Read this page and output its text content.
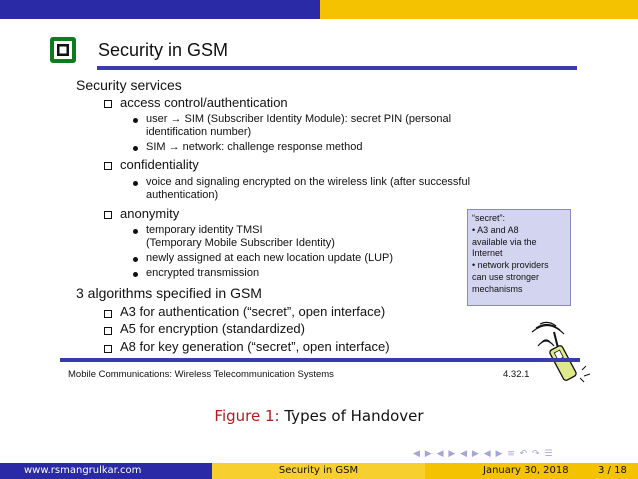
Security in GSM
Security services
access control/authentication
user → SIM (Subscriber Identity Module): secret PIN (personal
identification number)
SIM → network: challenge response method
confidentiality
voice and signaling encrypted on the wireless link (after successful
authentication)
anonymity
temporary identity TMSI
(Temporary Mobile Subscriber Identity)
newly assigned at each new location update (LUP)
encrypted transmission
3 algorithms specified in GSM
A3 for authentication (“secret”, open interface)
A5 for encryption (standardized)
A8 for key generation (“secret”, open interface)
“secret”:
• A3 and A8
available via the
Internet
• network providers
can use stronger
mechanisms
Mobile Communications: Wireless Telecommunication Systems	4.32.1
Figure 1: Types of Handover
◀ ▶ ◀ ▶ ◀ ▶ ◀ ▶ ≡ ↶ ↷ ☰
www.rsmangrulkar.com	Security in GSM	January 30, 2018	3 / 18
